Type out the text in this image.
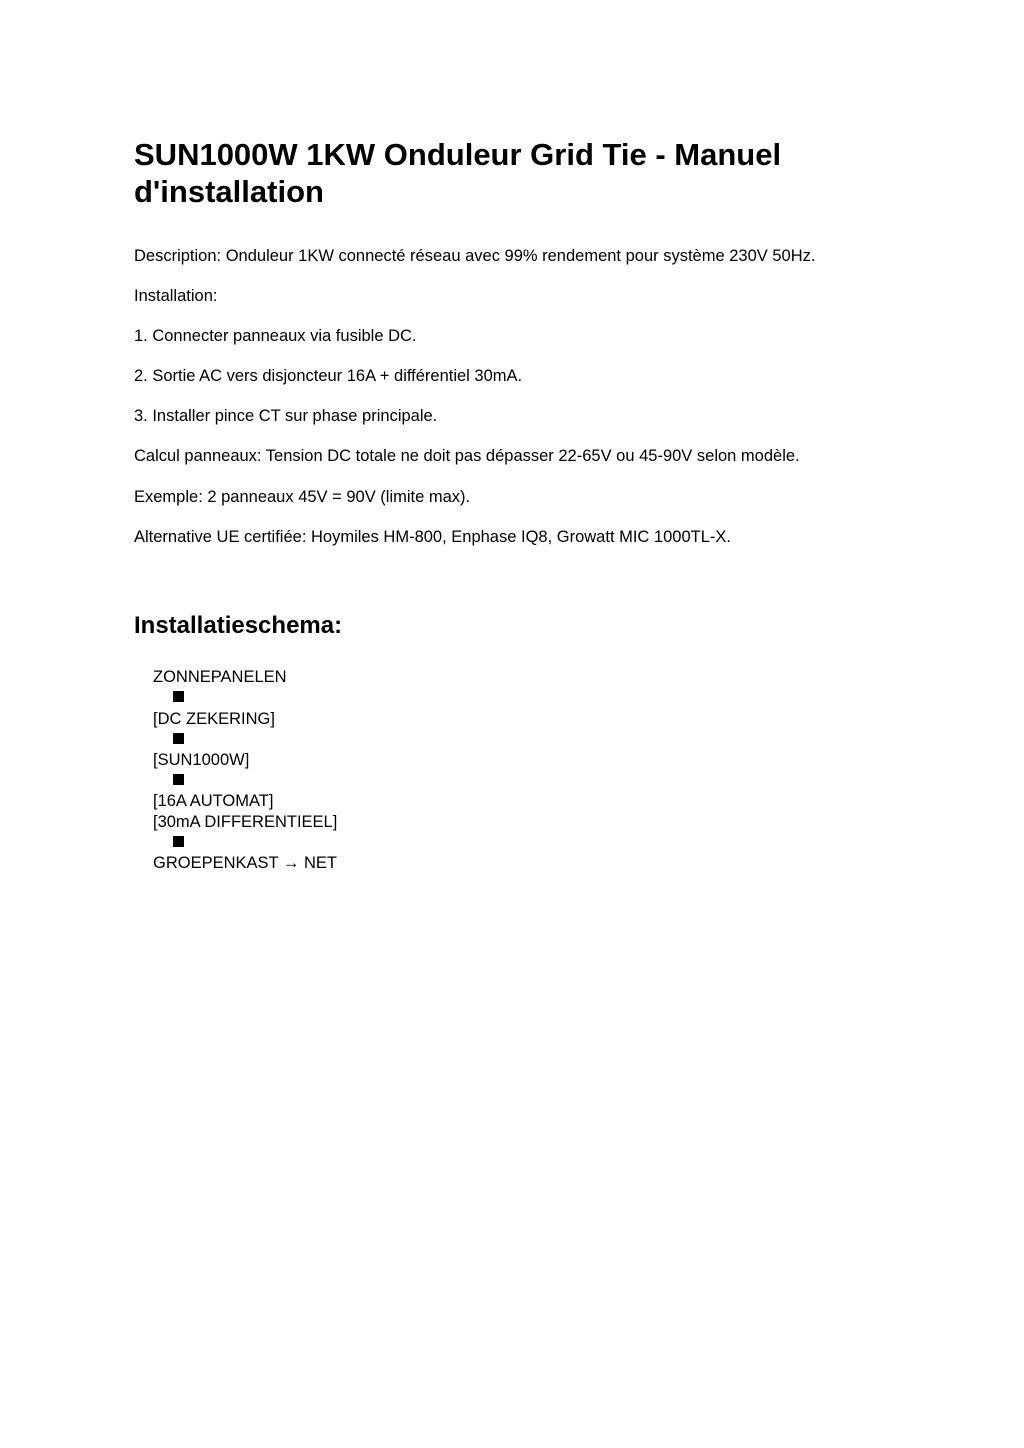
SUN1000W 1KW Onduleur Grid Tie - Manuel d'installation

Description: Onduleur 1KW connecté réseau avec 99% rendement pour système 230V 50Hz.

Installation:

1. Connecter panneaux via fusible DC.

2. Sortie AC vers disjoncteur 16A + différentiel 30mA.

3. Installer pince CT sur phase principale.

Calcul panneaux: Tension DC totale ne doit pas dépasser 22-65V ou 45-90V selon modèle.

Exemple: 2 panneaux 45V = 90V (limite max).

Alternative UE certifiée: Hoymiles HM-800, Enphase IQ8, Growatt MIC 1000TL-X.

Installatieschema:

ZONNEPANELEN

[DC ZEKERING]

[SUN1000W]

[16A AUTOMAT]

[30mA DIFFERENTIEEL]

GROEPENKAST → NET
